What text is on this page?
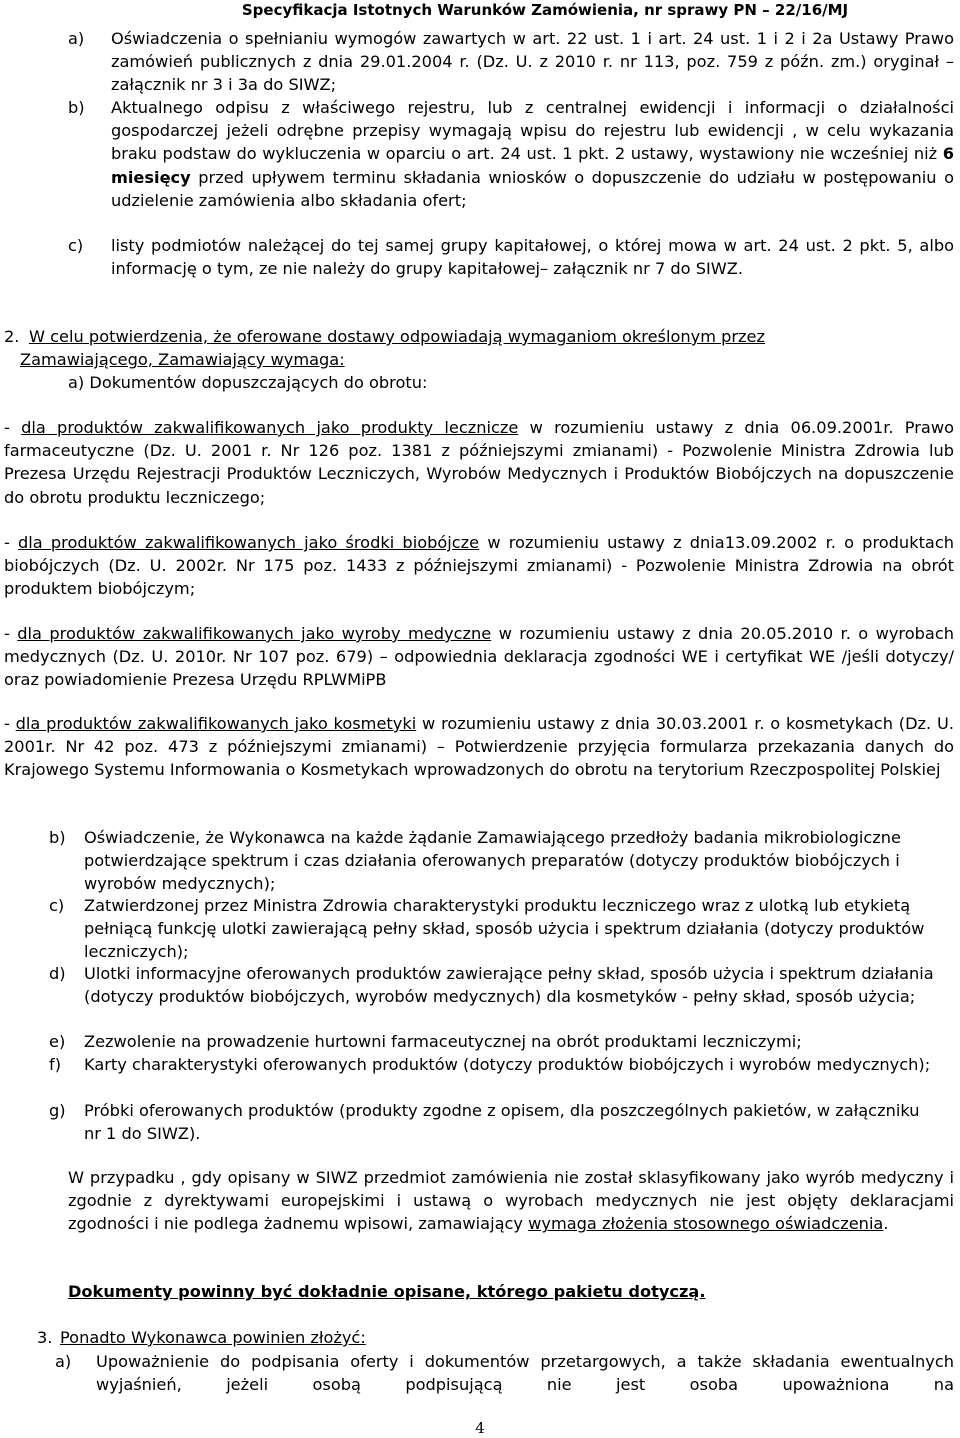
Specyfikacja Istotnych Warunków Zamówienia, nr sprawy PN – 22/16/MJ
a) Oświadczenia o spełnianiu wymogów zawartych w art. 22 ust. 1 i art. 24 ust. 1 i 2 i 2a Ustawy Prawo zamówień publicznych z dnia 29.01.2004 r. (Dz. U. z 2010 r. nr 113, poz. 759 z późn. zm.) oryginał – załącznik nr 3 i 3a do SIWZ;
b) Aktualnego odpisu z właściwego rejestru, lub z centralnej ewidencji i informacji o działalności gospodarczej jeżeli odrębne przepisy wymagają wpisu do rejestru lub ewidencji , w celu wykazania braku podstaw do wykluczenia w oparciu o art. 24 ust. 1 pkt. 2 ustawy, wystawiony nie wcześniej niż 6 miesięcy przed upływem terminu składania wniosków o dopuszczenie do udziału w postępowaniu o udzielenie zamówienia albo składania ofert;
c) listy podmiotów należącej do tej samej grupy kapitałowej, o której mowa w art. 24 ust. 2 pkt. 5, albo informację o tym, ze nie należy do grupy kapitałowej– załącznik nr 7 do SIWZ.
2. W celu potwierdzenia, że oferowane dostawy odpowiadają wymaganiom określonym przez
Zamawiającego, Zamawiający wymaga:
a) Dokumentów dopuszczających do obrotu:
- dla produktów zakwalifikowanych jako produkty lecznicze w rozumieniu ustawy z dnia 06.09.2001r. Prawo farmaceutyczne (Dz. U. 2001 r. Nr 126 poz. 1381 z późniejszymi zmianami) - Pozwolenie Ministra Zdrowia lub Prezesa Urzędu Rejestracji Produktów Leczniczych, Wyrobów Medycznych i Produktów Biobójczych na dopuszczenie do obrotu produktu leczniczego;
- dla produktów zakwalifikowanych jako środki biobójcze w rozumieniu ustawy z dnia13.09.2002 r. o produktach biobójczych (Dz. U. 2002r. Nr 175 poz. 1433 z późniejszymi zmianami) - Pozwolenie Ministra Zdrowia na obrót produktem biobójczym;
- dla produktów zakwalifikowanych jako wyroby medyczne w rozumieniu ustawy z dnia 20.05.2010 r. o wyrobach medycznych (Dz. U. 2010r. Nr 107 poz. 679) – odpowiednia deklaracja zgodności WE i certyfikat WE /jeśli dotyczy/ oraz powiadomienie Prezesa Urzędu RPLWMiPB
- dla produktów zakwalifikowanych jako kosmetyki w rozumieniu ustawy z dnia 30.03.2001 r. o kosmetykach (Dz. U. 2001r. Nr 42 poz. 473 z późniejszymi zmianami) – Potwierdzenie przyjęcia formularza przekazania danych do Krajowego Systemu Informowania o Kosmetykach wprowadzonych do obrotu na terytorium Rzeczpospolitej Polskiej
b) Oświadczenie, że Wykonawca na każde żądanie Zamawiającego przedłoży badania mikrobiologiczne potwierdzające spektrum i czas działania oferowanych preparatów (dotyczy produktów biobójczych i wyrobów medycznych);
c) Zatwierdzonej przez Ministra Zdrowia charakterystyki produktu leczniczego wraz z ulotką lub etykietą pełniącą funkcję ulotki zawierającą pełny skład, sposób użycia i spektrum działania (dotyczy produktów leczniczych);
d) Ulotki informacyjne oferowanych produktów zawierające pełny skład, sposób użycia i spektrum działania (dotyczy produktów biobójczych, wyrobów medycznych) dla kosmetyków - pełny skład, sposób użycia;
e) Zezwolenie na prowadzenie hurtowni farmaceutycznej na obrót produktami leczniczymi;
f) Karty charakterystyki oferowanych produktów (dotyczy produktów biobójczych i wyrobów medycznych);
g) Próbki oferowanych produktów (produkty zgodne z opisem, dla poszczególnych pakietów, w załączniku nr 1 do SIWZ).
W przypadku , gdy opisany w SIWZ przedmiot zamówienia nie został sklasyfikowany jako wyrób medyczny i zgodnie z dyrektywami europejskimi i ustawą o wyrobach medycznych nie jest objęty deklaracjami zgodności i nie podlega żadnemu wpisowi, zamawiający wymaga złożenia stosownego oświadczenia.
Dokumenty powinny być dokładnie opisane, którego pakietu dotyczą.
3. Ponadto Wykonawca powinien złożyć:
a) Upoważnienie do podpisania oferty i dokumentów przetargowych, a także składania ewentualnych wyjaśnień, jeżeli osobą podpisującą nie jest osoba upoważniona na
4
